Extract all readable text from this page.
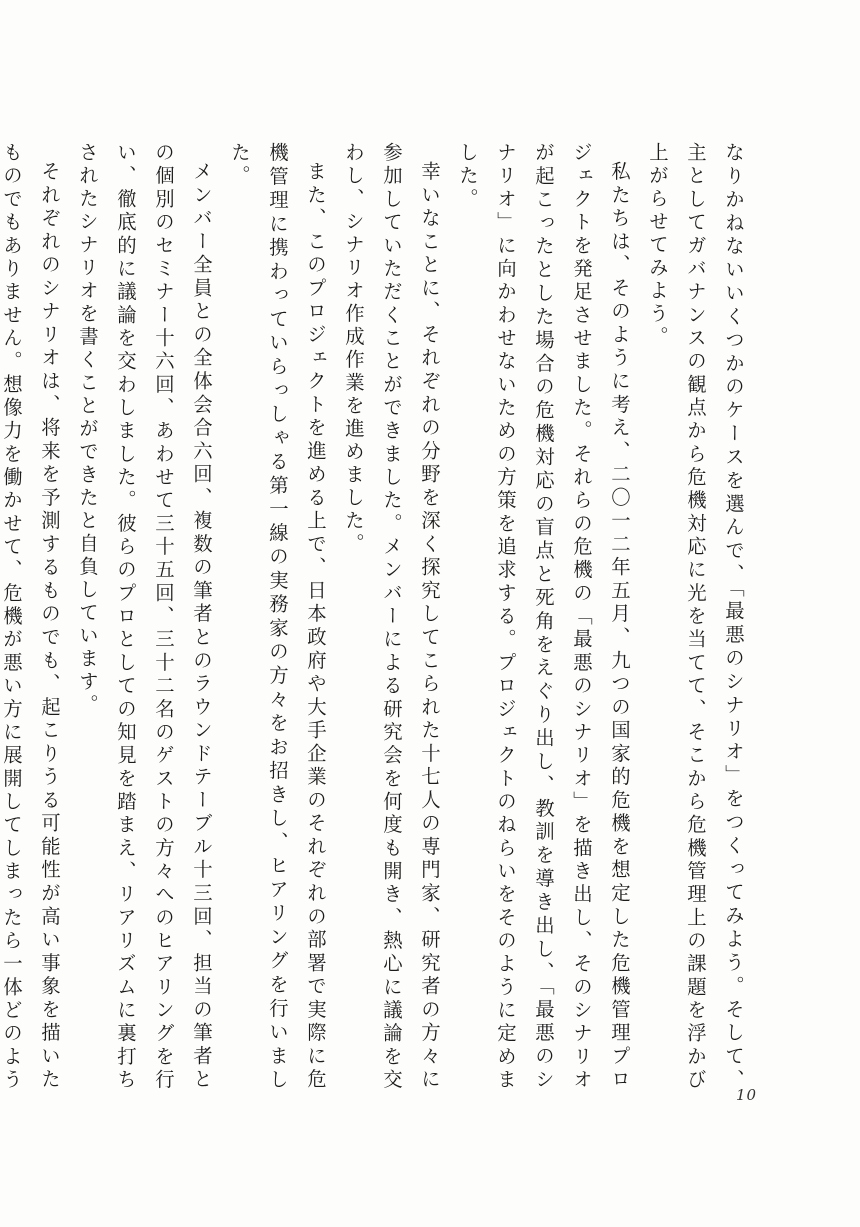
なりかねないいくつかのケースを選んで、「最悪のシナリオ」をつくってみよう。そして、主としてガバナンスの観点から危機対応に光を当てて、そこから危機管理上の課題を浮かび上がらせてみよう。

私たちは、そのように考え、二〇一二年五月、九つの国家的危機を想定した危機管理プロジェクトを発足させました。それらの危機の「最悪のシナリオ」を描き出し、そのシナリオが起こったとした場合の危機対応の盲点と死角をえぐり出し、教訓を導き出し、「最悪のシナリオ」に向かわせないための方策を追求する。プロジェクトのねらいをそのように定めました。

幸いなことに、それぞれの分野を深く探究してこられた十七人の専門家、研究者の方々に参加していただくことができました。メンバーによる研究会を何度も開き、熱心に議論を交わし、シナリオ作成作業を進めました。

また、このプロジェクトを進める上で、日本政府や大手企業のそれぞれの部署で実際に危機管理に携わっていらっしゃる第一線の実務家の方々をお招きし、ヒアリングを行いました。

メンバー全員との全体会合六回、複数の筆者とのラウンドテーブル十三回、担当の筆者との個別のセミナー十六回、あわせて三十五回、三十二名のゲストの方々へのヒアリングを行い、徹底的に議論を交わしました。彼らのプロとしての知見を踏まえ、リアリズムに裏打ちされたシナリオを書くことができたと自負しています。

それぞれのシナリオは、将来を予測するものでも、起こりうる可能性が高い事象を描いたものでもありません。想像力を働かせて、危機が悪い方に展開してしまったら一体どのよう

10
